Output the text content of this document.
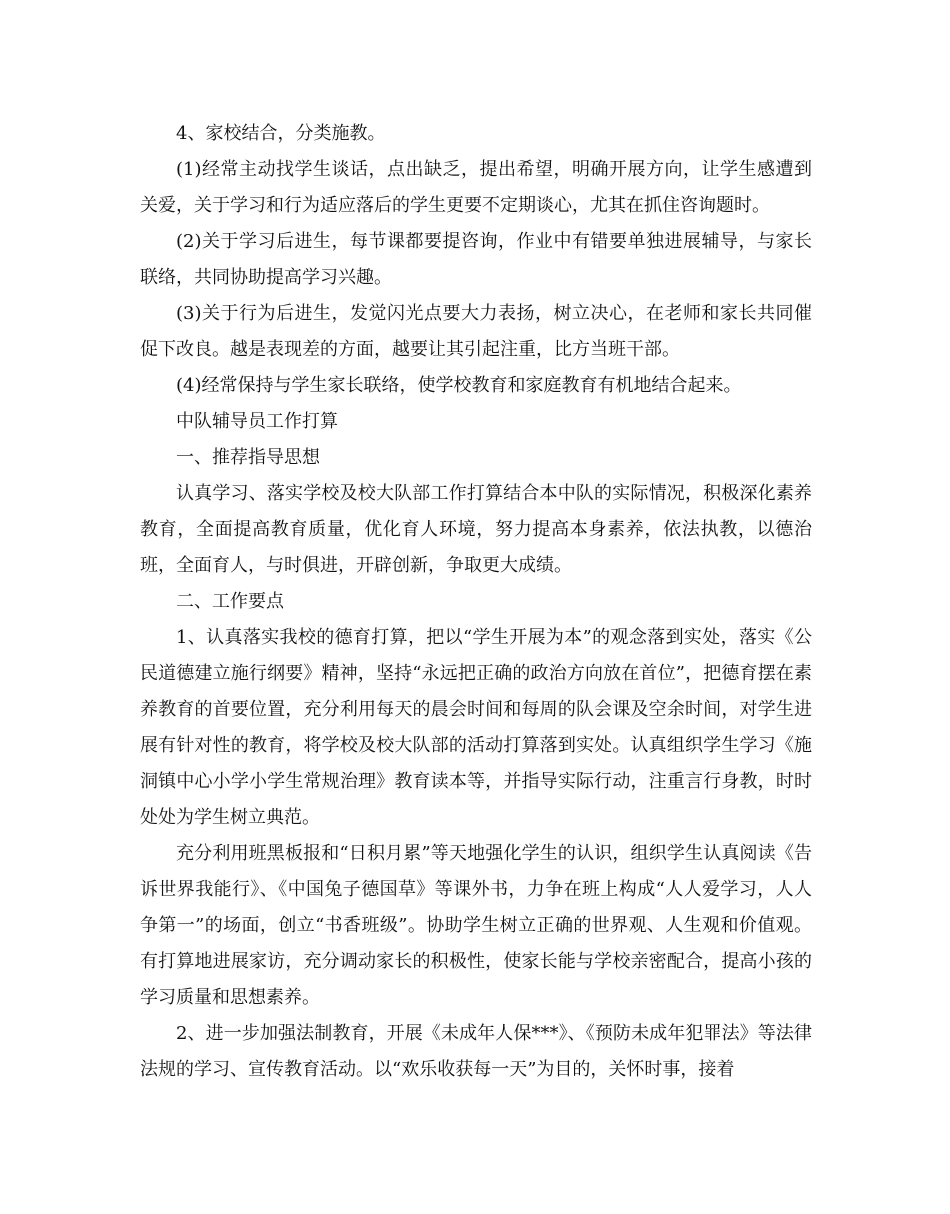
4、家校结合，分类施教。

(1)经常主动找学生谈话，点出缺乏，提出希望，明确开展方向，让学生感遭到关爱，关于学习和行为适应落后的学生更要不定期谈心，尤其在抓住咨询题时。

(2)关于学习后进生，每节课都要提咨询，作业中有错要单独进展辅导，与家长联络，共同协助提高学习兴趣。

(3)关于行为后进生，发觉闪光点要大力表扬，树立决心，在老师和家长共同催促下改良。越是表现差的方面，越要让其引起注重，比方当班干部。

(4)经常保持与学生家长联络，使学校教育和家庭教育有机地结合起来。

中队辅导员工作打算

一、推荐指导思想

认真学习、落实学校及校大队部工作打算结合本中队的实际情况，积极深化素养教育，全面提高教育质量，优化育人环境，努力提高本身素养，依法执教，以德治班，全面育人，与时俱进，开辟创新，争取更大成绩。

二、工作要点

1、认真落实我校的德育打算，把以“学生开展为本”的观念落到实处，落实《公民道德建立施行纲要》精神，坚持“永远把正确的政治方向放在首位”，把德育摆在素养教育的首要位置，充分利用每天的晨会时间和每周的队会课及空余时间，对学生进展有针对性的教育，将学校及校大队部的活动打算落到实处。认真组织学生学习《施洞镇中心小学小学生常规治理》教育读本等，并指导实际行动，注重言行身教，时时处处为学生树立典范。

充分利用班黑板报和“日积月累”等天地强化学生的认识，组织学生认真阅读《告诉世界我能行》、《中国兔子德国草》等课外书，力争在班上构成“人人爱学习，人人争第一”的场面，创立“书香班级”。协助学生树立正确的世界观、人生观和价值观。有打算地进展家访，充分调动家长的积极性，使家长能与学校亲密配合，提高小孩的学习质量和思想素养。

2、进一步加强法制教育，开展《未成年人保***》、《预防未成年犯罪法》等法律法规的学习、宣传教育活动。以“欢乐收获每一天”为目的，关怀时事，接着
